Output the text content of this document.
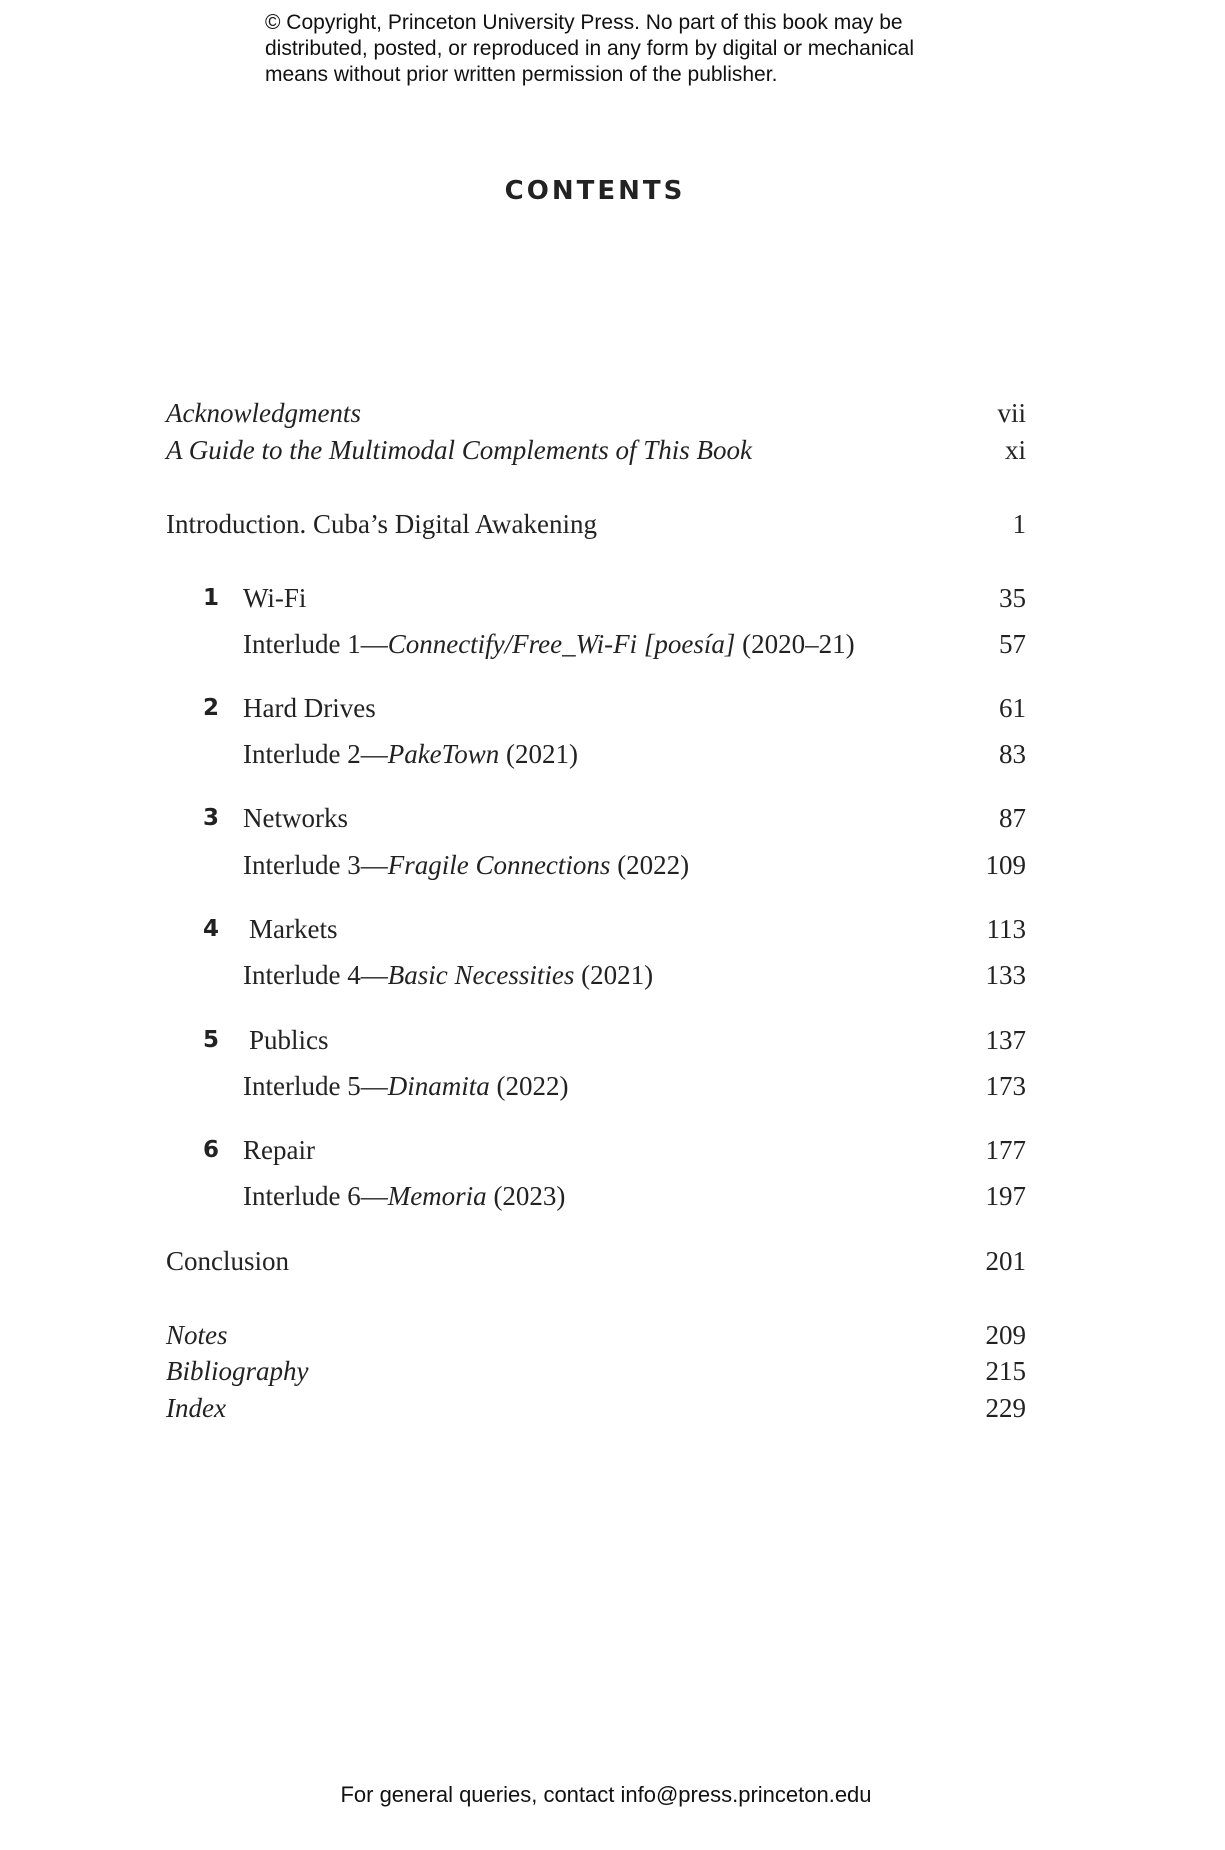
© Copyright, Princeton University Press. No part of this book may be
distributed, posted, or reproduced in any form by digital or mechanical
means without prior written permission of the publisher.
CONTENTS
Acknowledgments	vii
A Guide to the Multimodal Complements of This Book	xi
Introduction. Cuba’s Digital Awakening	1
1 Wi-Fi	35
Interlude 1—Connectify/Free_Wi-Fi [poesía] (2020–21)	57
2 Hard Drives	61
Interlude 2—PakeTown (2021)	83
3 Networks	87
Interlude 3—Fragile Connections (2022)	109
4 Markets	113
Interlude 4—Basic Necessities (2021)	133
5 Publics	137
Interlude 5—Dinamita (2022)	173
6 Repair	177
Interlude 6—Memoria (2023)	197
Conclusion	201
Notes	209
Bibliography	215
Index	229
For general queries, contact info@press.princeton.edu
